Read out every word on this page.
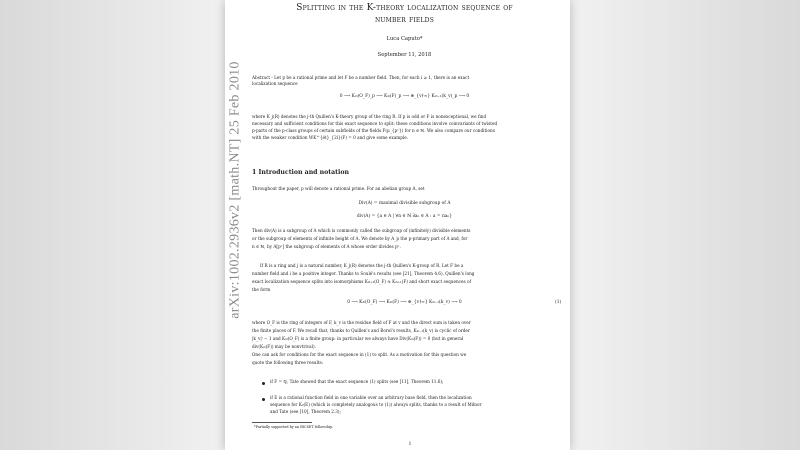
arXiv:1002.2936v2 [math.NT] 25 Feb 2010
Splitting in the K-theory localization sequence of
number fields
Luca Caputo*
September 11, 2018
Abstract - Let p be a rational prime and let F be a number field. Then, for each i ≥ 1, there is an exact
localization sequence
0 ⟶ K₂ᵢ(O_F)_p ⟶ K₂ᵢ(F)_p ⟶ ⊕_{v∤∞} K₂ᵢ₋₁(k_v)_p ⟶ 0
where K_j(R) denotes the j-th Quillen's K-theory group of the ring R. If p is odd or F is nonexceptional, we find
necessary and sufficient conditions for this exact sequence to split: these conditions involve coinvariants of twisted
p-parts of the p-class groups of certain subfields of the fields F(μ_{pⁿ}) for n ∈ ℕ. We also compare our conditions
with the weaker condition WK^{ét}_{2i}(F) = 0 and give some example.
1 Introduction and notation
Throughout the paper, p will denote a rational prime. For an abelian group A, set
Div(A) = maximal divisible subgroup of A
div(A) = {a ∈ A | ∀n ∈ ℕ ∃aₙ ∈ A : a = naₙ}
Then div(A) is a subgroup of A which is commonly called the subgroup of (infinitely) divisible elements
or the subgroup of elements of infinite height of A. We denote by A_p the p-primary part of A and, for
n ∈ ℕ, by A[pⁿ] the subgroup of elements of A whose order divides pⁿ.
If R is a ring and j is a natural number, K_j(R) denotes the j-th Quillen's K-group of R. Let F be a
number field and i be a positive integer. Thanks to Soulé's results (see [21], Theorem 4.6), Quillen's long
exact localization sequence splits into isomorphisms K₂ᵢ₊₁(O_F) ≅ K₂ᵢ₊₁(F) and short exact sequences of
the form
0 ⟶ K₂ᵢ(O_F) ⟶ K₂ᵢ(F) ⟶ ⊕_{v∤∞} K₂ᵢ₋₁(k_v) ⟶ 0	(1)
where O_F is the ring of integers of F, k_v is the residue field of F at v and the direct sum is taken over
the finite places of F. We recall that, thanks to Quillen's and Borel's results, K₂ᵢ₋₁(k_v) is cyclic of order
|k_v|ⁱ − 1 and K₂ᵢ(O_F) is a finite group: in particular we always have Div(K₂ᵢ(F)) = 0 (but in general
div(K₂ᵢ(F)) may be nonvtrival).
One can ask for conditions for the exact sequence in (1) to split. As a motivation for this question we
quote the following three results:
if F = ℚ, Tate showed that the exact sequence (1) splits (see [11], Theorem 11.6);
if E is a rational function field in one variable over an arbitrary base field, then the localization
sequence for K₂(E) (which is completely analogous to (1)) always splits, thanks to a result of Milnor
and Tate (see [10], Theorem 2.3);
*Partially supported by an IRCSET fellowship.
1
